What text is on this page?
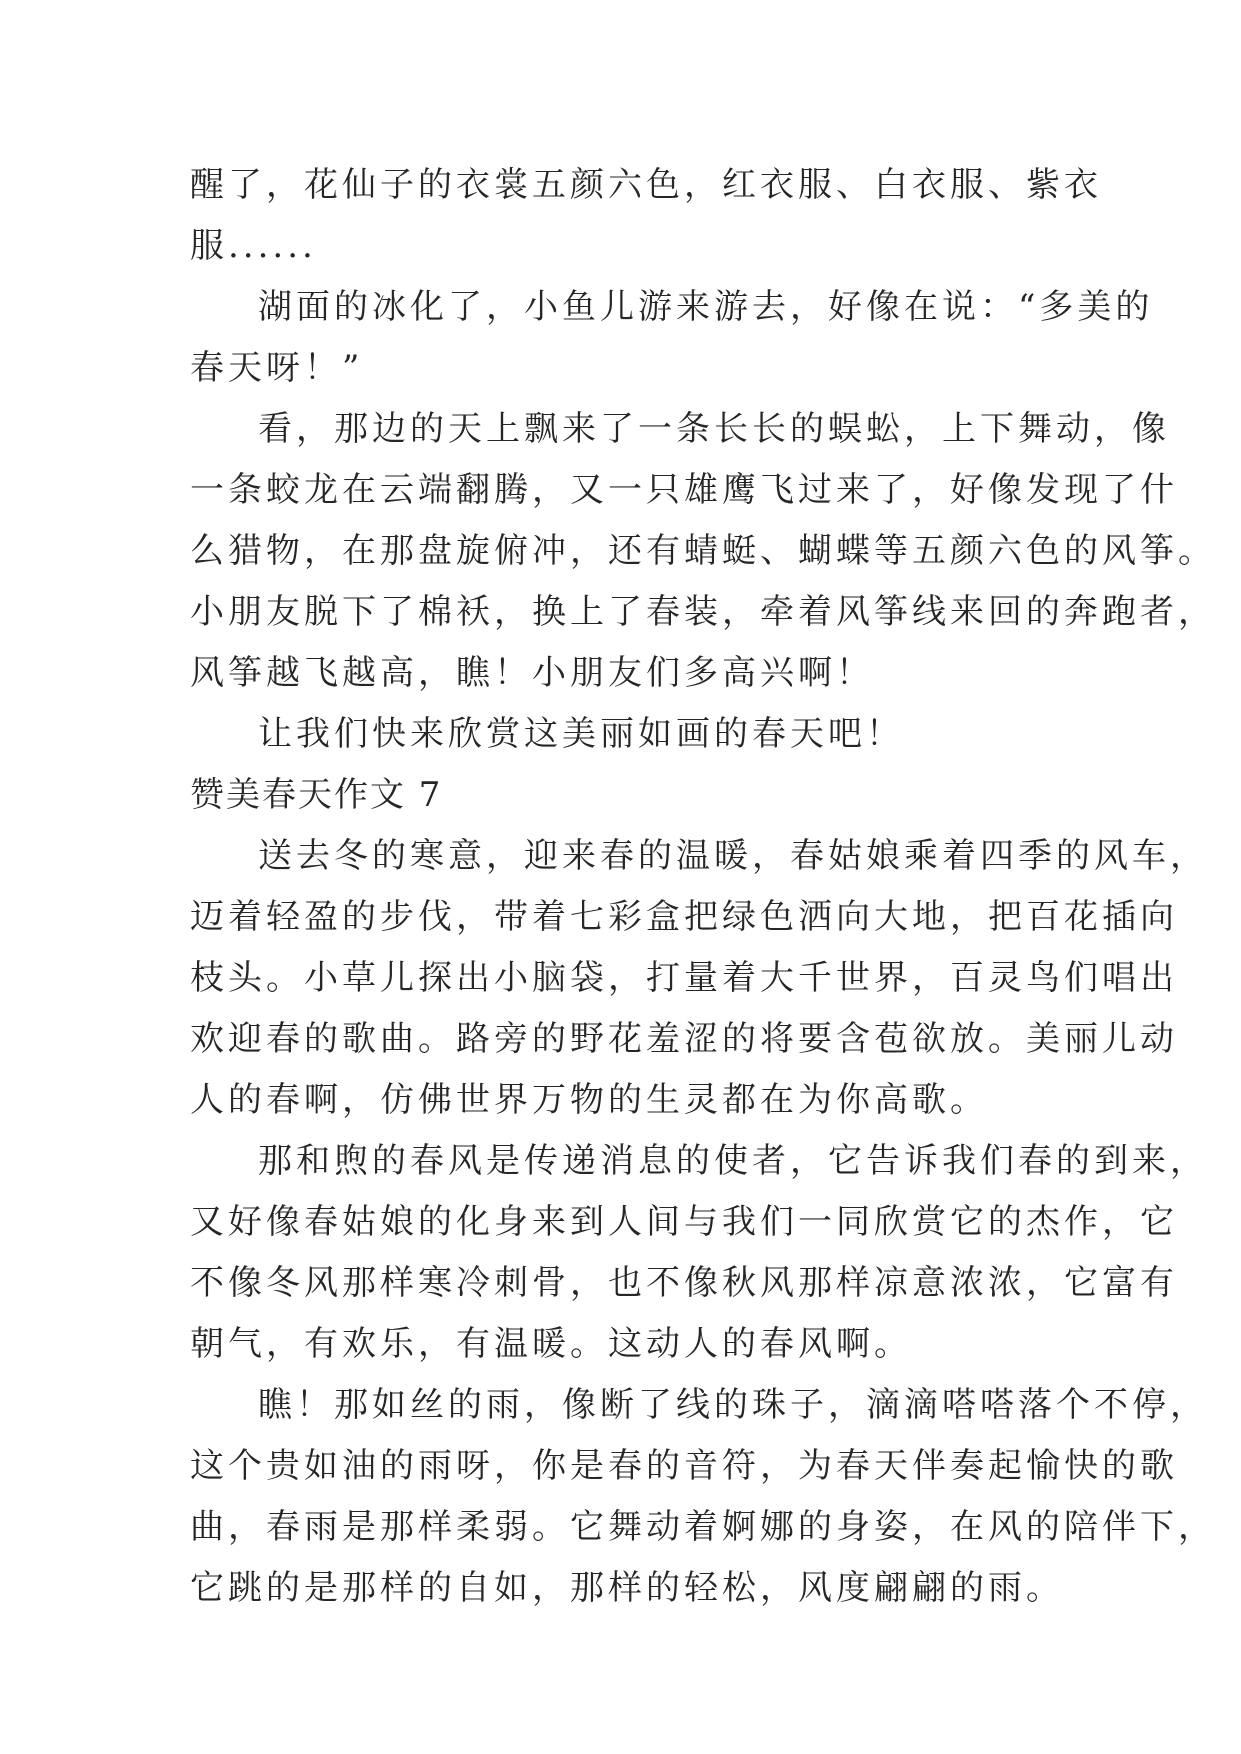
醒了，花仙子的衣裳五颜六色，红衣服、白衣服、紫衣
服......
湖面的冰化了，小鱼儿游来游去，好像在说：“多美的
春天呀！”
看，那边的天上飘来了一条长长的蜈蚣，上下舞动，像
一条蛟龙在云端翻腾，又一只雄鹰飞过来了，好像发现了什
么猎物，在那盘旋俯冲，还有蜻蜓、蝴蝶等五颜六色的风筝。
小朋友脱下了棉袄，换上了春装，牵着风筝线来回的奔跑者，
风筝越飞越高，瞧！小朋友们多高兴啊！
让我们快来欣赏这美丽如画的春天吧！
赞美春天作文 7
送去冬的寒意，迎来春的温暖，春姑娘乘着四季的风车，
迈着轻盈的步伐，带着七彩盒把绿色洒向大地，把百花插向
枝头。小草儿探出小脑袋，打量着大千世界，百灵鸟们唱出
欢迎春的歌曲。路旁的野花羞涩的将要含苞欲放。美丽儿动
人的春啊，仿佛世界万物的生灵都在为你高歌。
那和煦的春风是传递消息的使者，它告诉我们春的到来，
又好像春姑娘的化身来到人间与我们一同欣赏它的杰作，它
不像冬风那样寒冷刺骨，也不像秋风那样凉意浓浓，它富有
朝气，有欢乐，有温暖。这动人的春风啊。
瞧！那如丝的雨，像断了线的珠子，滴滴嗒嗒落个不停，
这个贵如油的雨呀，你是春的音符，为春天伴奏起愉快的歌
曲，春雨是那样柔弱。它舞动着婀娜的身姿，在风的陪伴下，
它跳的是那样的自如，那样的轻松，风度翩翩的雨。
